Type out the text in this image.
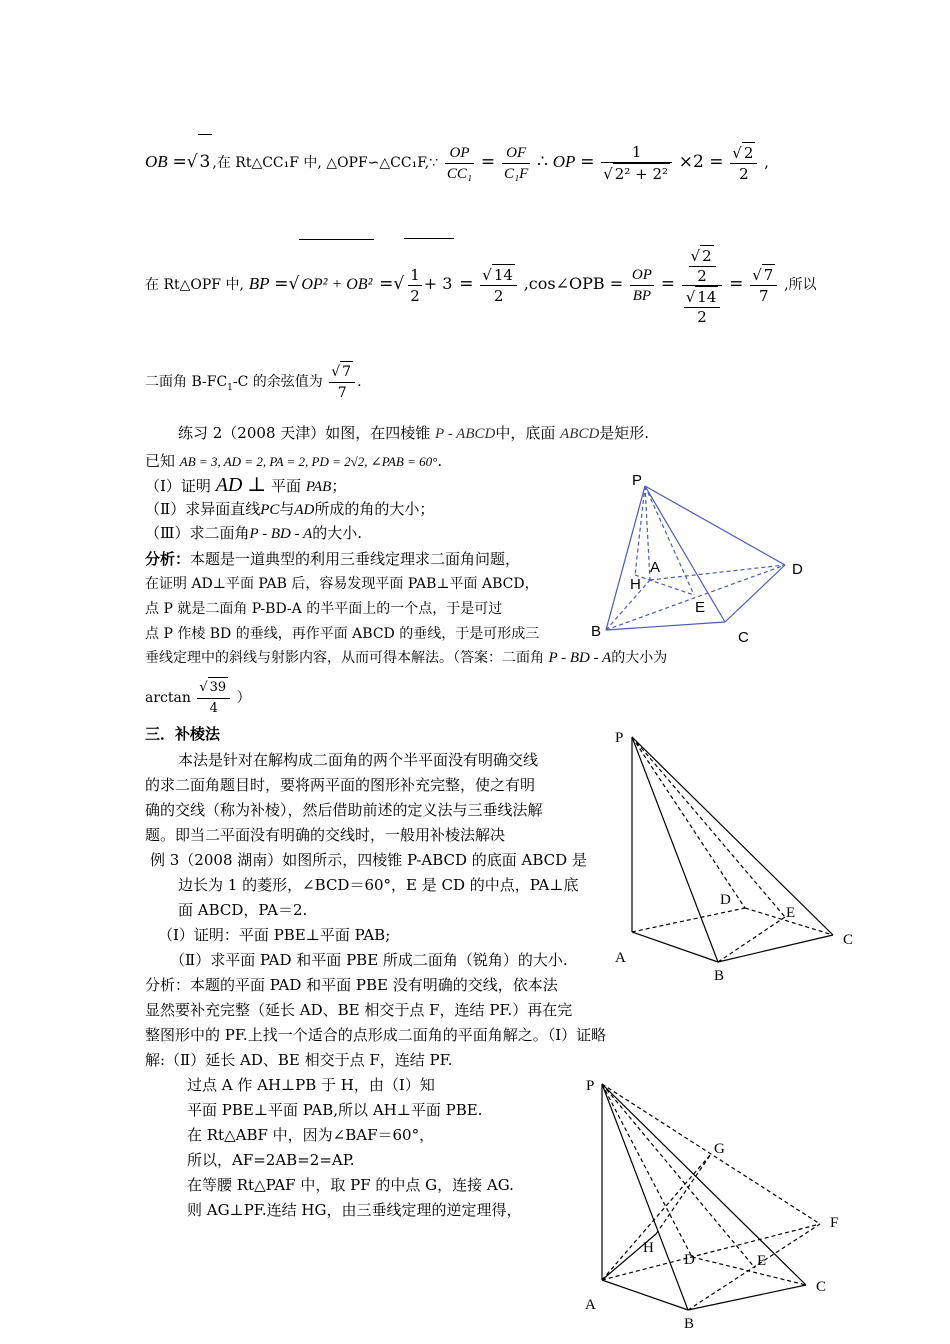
OB =√ 3 ,在 Rt△CC₁F 中, △OPF∽△CC₁F,∵ $\frac{OP}{\text{CC₁}} = \frac{OF}{\text{C₁F}}$ ∴ OP = $\frac{1}{\text{√ 2² + 2²}} \times 2 = \frac{√ 2}{2}$ ,
在 Rt△OPF 中, BP =√ OP² + OB² =√ $\frac{1}{2} + 3 = \frac{√ 14}{2}$ ,cos∠OPB = $\frac{OP}{BP} = \frac{\frac{√ 2}{2}}{\frac{√ 14}{2}} = \frac{√ 7}{7}$ ,所以
二面角 $B-FC_1-C$ 的余弦值为 $\frac{√ 7}{7}$ .
练习 2（2008 天津）如图，在四棱锥 P - ABCD中，底面 ABCD是矩形.
已知 AB = 3, AD = 2, PA = 2, PD = 2√2, ∠PAB = 60°.
（Ⅰ）证明 AD ⊥ 平面 PAB；
（Ⅱ）求异面直线PC与AD所成的角的大小；
（Ⅲ）求二面角P - BD - A的大小.
分析：本题是一道典型的利用三垂线定理求二面角问题，
在证明 AD⊥平面 PAB 后，容易发现平面 PAB⊥平面 ABCD，
点 P 就是二面角 P-BD-A 的半平面上的一个点，于是可过
点 P 作棱 BD 的垂线，再作平面 ABCD 的垂线，于是可形成三
垂线定理中的斜线与射影内容，从而可得本解法。（答案：二面角 P - BD - A的大小为
$\arctan \frac{√ 39}{4}$ ）
P
A	D
H
E
B	C
三．补棱法
本法是针对在解构成二面角的两个半平面没有明确交线
的求二面角题目时，要将两平面的图形补充完整，使之有明
确的交线（称为补棱），然后借助前述的定义法与三垂线法解
题。即当二平面没有明确的交线时，一般用补棱法解决
例 3（2008 湖南）如图所示，四棱锥 P-ABCD 的底面 ABCD 是
边长为 1 的菱形，∠BCD＝60°，E 是 CD 的中点，PA⊥底
面 ABCD，PA＝2.
（Ⅰ）证明：平面 PBE⊥平面 PAB;
（Ⅱ）求平面 PAD 和平面 PBE 所成二面角（锐角）的大小.
分析：本题的平面 PAD 和平面 PBE 没有明确的交线，依本法
显然要补充完整（延长 AD、BE 相交于点 F，连结 PF.）再在完
整图形中的 PF.上找一个适合的点形成二面角的平面角解之。（Ⅰ）证略
解:（Ⅱ）延长 AD、BE 相交于点 F，连结 PF.
过点 A 作 AH⊥PB 于 H，由（Ⅰ）知
平面 PBE⊥平面 PAB,所以 AH⊥平面 PBE.
在 Rt△ABF 中，因为∠BAF＝60°，
所以，AF=2AB=2=AP.
在等腰 Rt△PAF 中，取 PF 的中点 G，连接 AG.
则 AG⊥PF.连结 HG，由三垂线定理的逆定理得，
P
D
E
C
A
B
P
G
F
H
D	E
C
A
B
